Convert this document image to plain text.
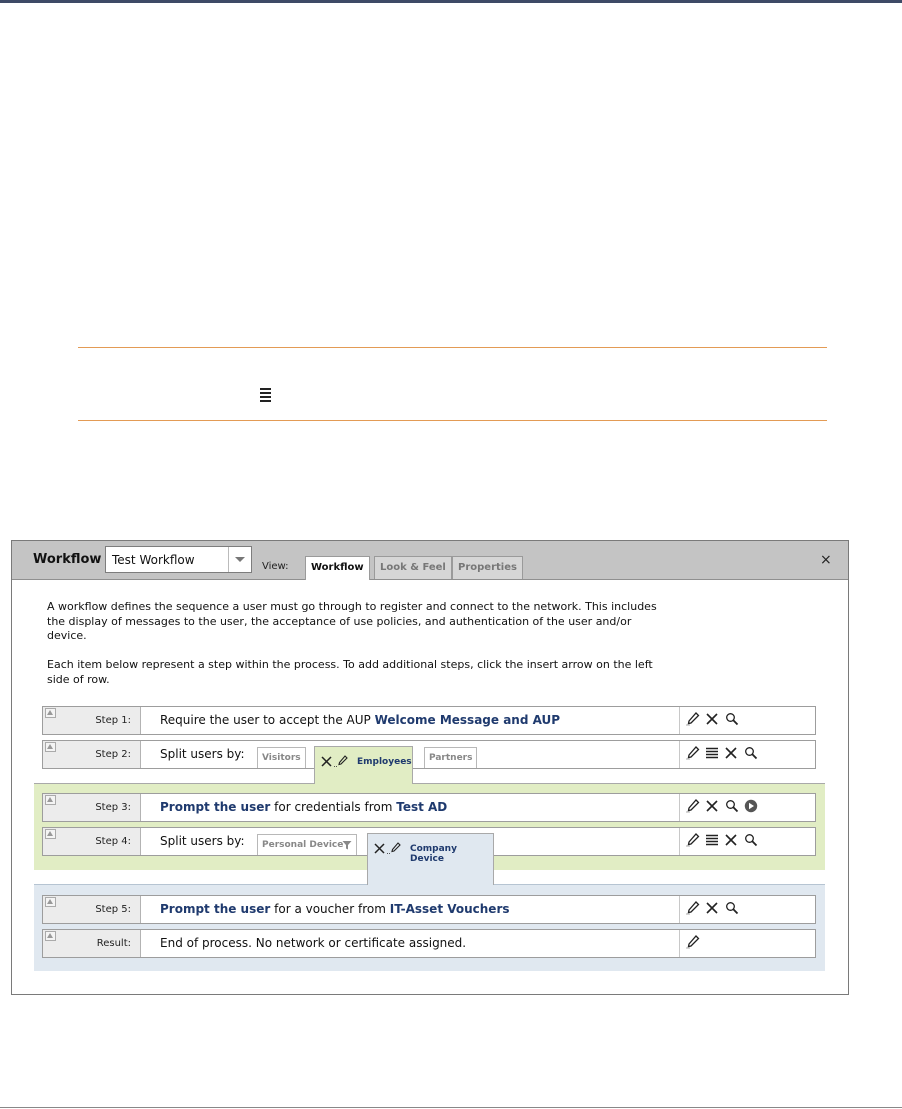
Workflow Test Workflow	View:	Workflow	Look & Feel	Properties	×
A workflow defines the sequence a user must go through to register and connect to the network. This includes the display of messages to the user, the acceptance of use policies, and authentication of the user and/or device.
Each item below represent a step within the process. To add additional steps, click the insert arrow on the left side of row.
Step 1: Require the user to accept the AUP Welcome Message and AUP
Step 2: Split users by:	Visitors	Employees	Partners
Step 3: Prompt the user for credentials from Test AD
Step 4: Split users by:	Personal Device	Company Device
Step 5: Prompt the user for a voucher from IT-Asset Vouchers
Result: End of process. No network or certificate assigned.
